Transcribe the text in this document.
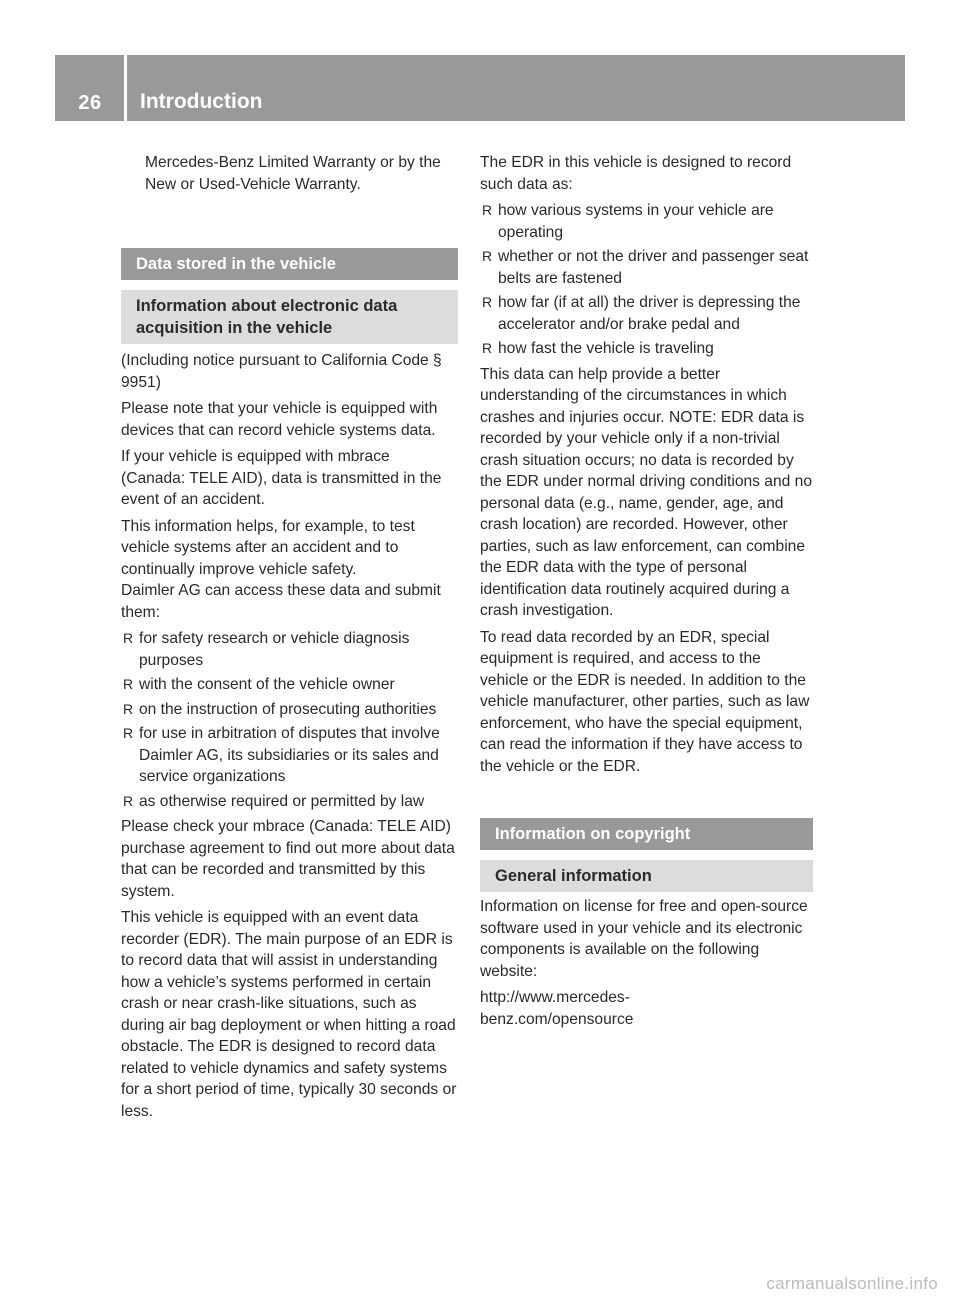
26	Introduction

Mercedes-Benz Limited Warranty or by the New or Used-Vehicle Warranty.

Data stored in the vehicle
Information about electronic data acquisition in the vehicle

(Including notice pursuant to California Code § 9951)

Please note that your vehicle is equipped with devices that can record vehicle systems data.

If your vehicle is equipped with mbrace (Canada: TELE AID), data is transmitted in the event of an accident.

This information helps, for example, to test vehicle systems after an accident and to continually improve vehicle safety.

Daimler AG can access these data and submit them:

R for safety research or vehicle diagnosis purposes
R with the consent of the vehicle owner
R on the instruction of prosecuting authorities
R for use in arbitration of disputes that involve Daimler AG, its subsidiaries or its sales and service organizations
R as otherwise required or permitted by law

Please check your mbrace (Canada: TELE AID) purchase agreement to find out more about data that can be recorded and transmitted by this system.

This vehicle is equipped with an event data recorder (EDR). The main purpose of an EDR is to record data that will assist in understanding how a vehicle’s systems performed in certain crash or near crash-like situations, such as during air bag deployment or when hitting a road obstacle. The EDR is designed to record data related to vehicle dynamics and safety systems for a short period of time, typically 30 seconds or less.

The EDR in this vehicle is designed to record such data as:

R how various systems in your vehicle are operating
R whether or not the driver and passenger seat belts are fastened
R how far (if at all) the driver is depressing the accelerator and/or brake pedal and
R how fast the vehicle is traveling

This data can help provide a better understanding of the circumstances in which crashes and injuries occur. NOTE: EDR data is recorded by your vehicle only if a non-trivial crash situation occurs; no data is recorded by the EDR under normal driving conditions and no personal data (e.g., name, gender, age, and crash location) are recorded. However, other parties, such as law enforcement, can combine the EDR data with the type of personal identification data routinely acquired during a crash investigation.

To read data recorded by an EDR, special equipment is required, and access to the vehicle or the EDR is needed. In addition to the vehicle manufacturer, other parties, such as law enforcement, who have the special equipment, can read the information if they have access to the vehicle or the EDR.

Information on copyright
General information

Information on license for free and open-source software used in your vehicle and its electronic components is available on the following website:

http://www.mercedes-benz.com/opensource

carmanualsonline.info
